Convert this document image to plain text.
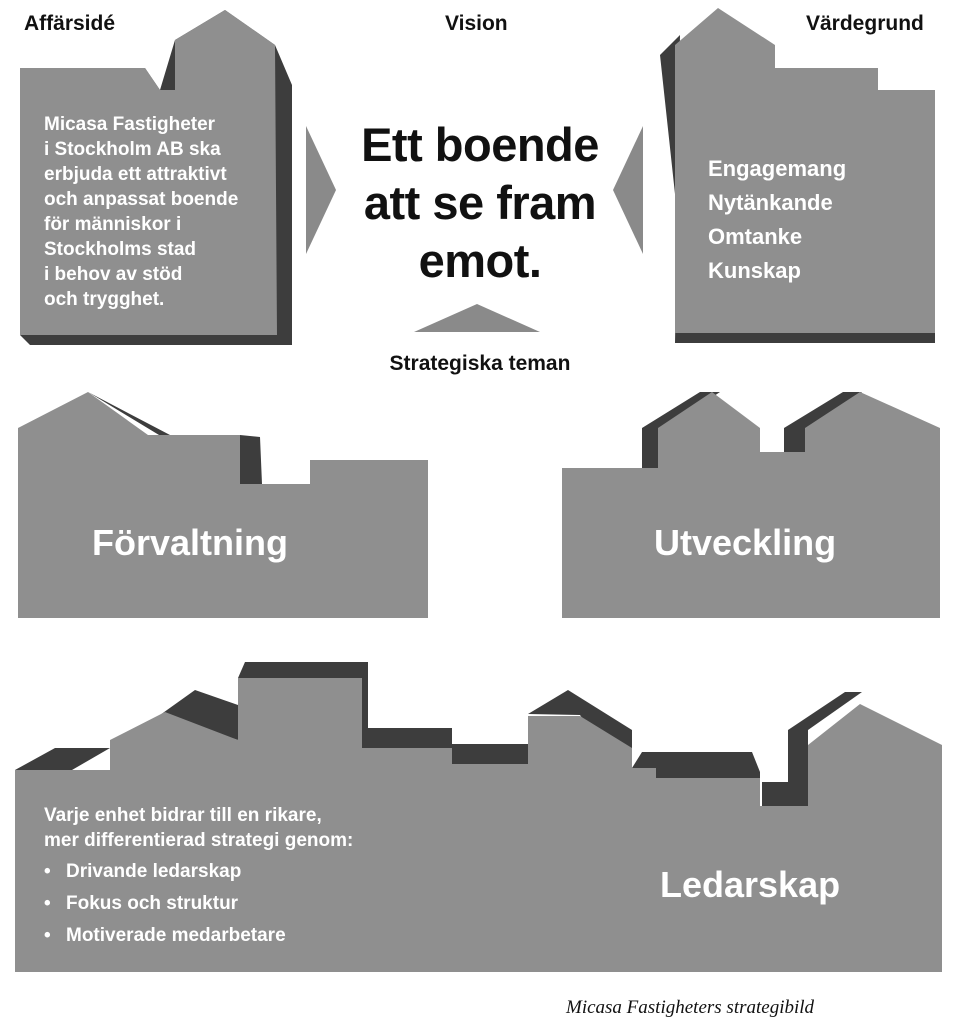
Affärsidé	Vision	Värdegrund
Micasa Fastigheter
i Stockholm AB ska
erbjuda ett attraktivt
och anpassat boende
för människor i
Stockholms stad
i behov av stöd
och trygghet.
Ett boende
att se fram
emot.
Engagemang
Nytänkande
Omtanke
Kunskap
Strategiska teman
Förvaltning	Utveckling
Varje enhet bidrar till en rikare,
mer differentierad strategi genom:
• Drivande ledarskap
• Fokus och struktur
• Motiverade medarbetare
Ledarskap
Micasa Fastigheters strategibild
